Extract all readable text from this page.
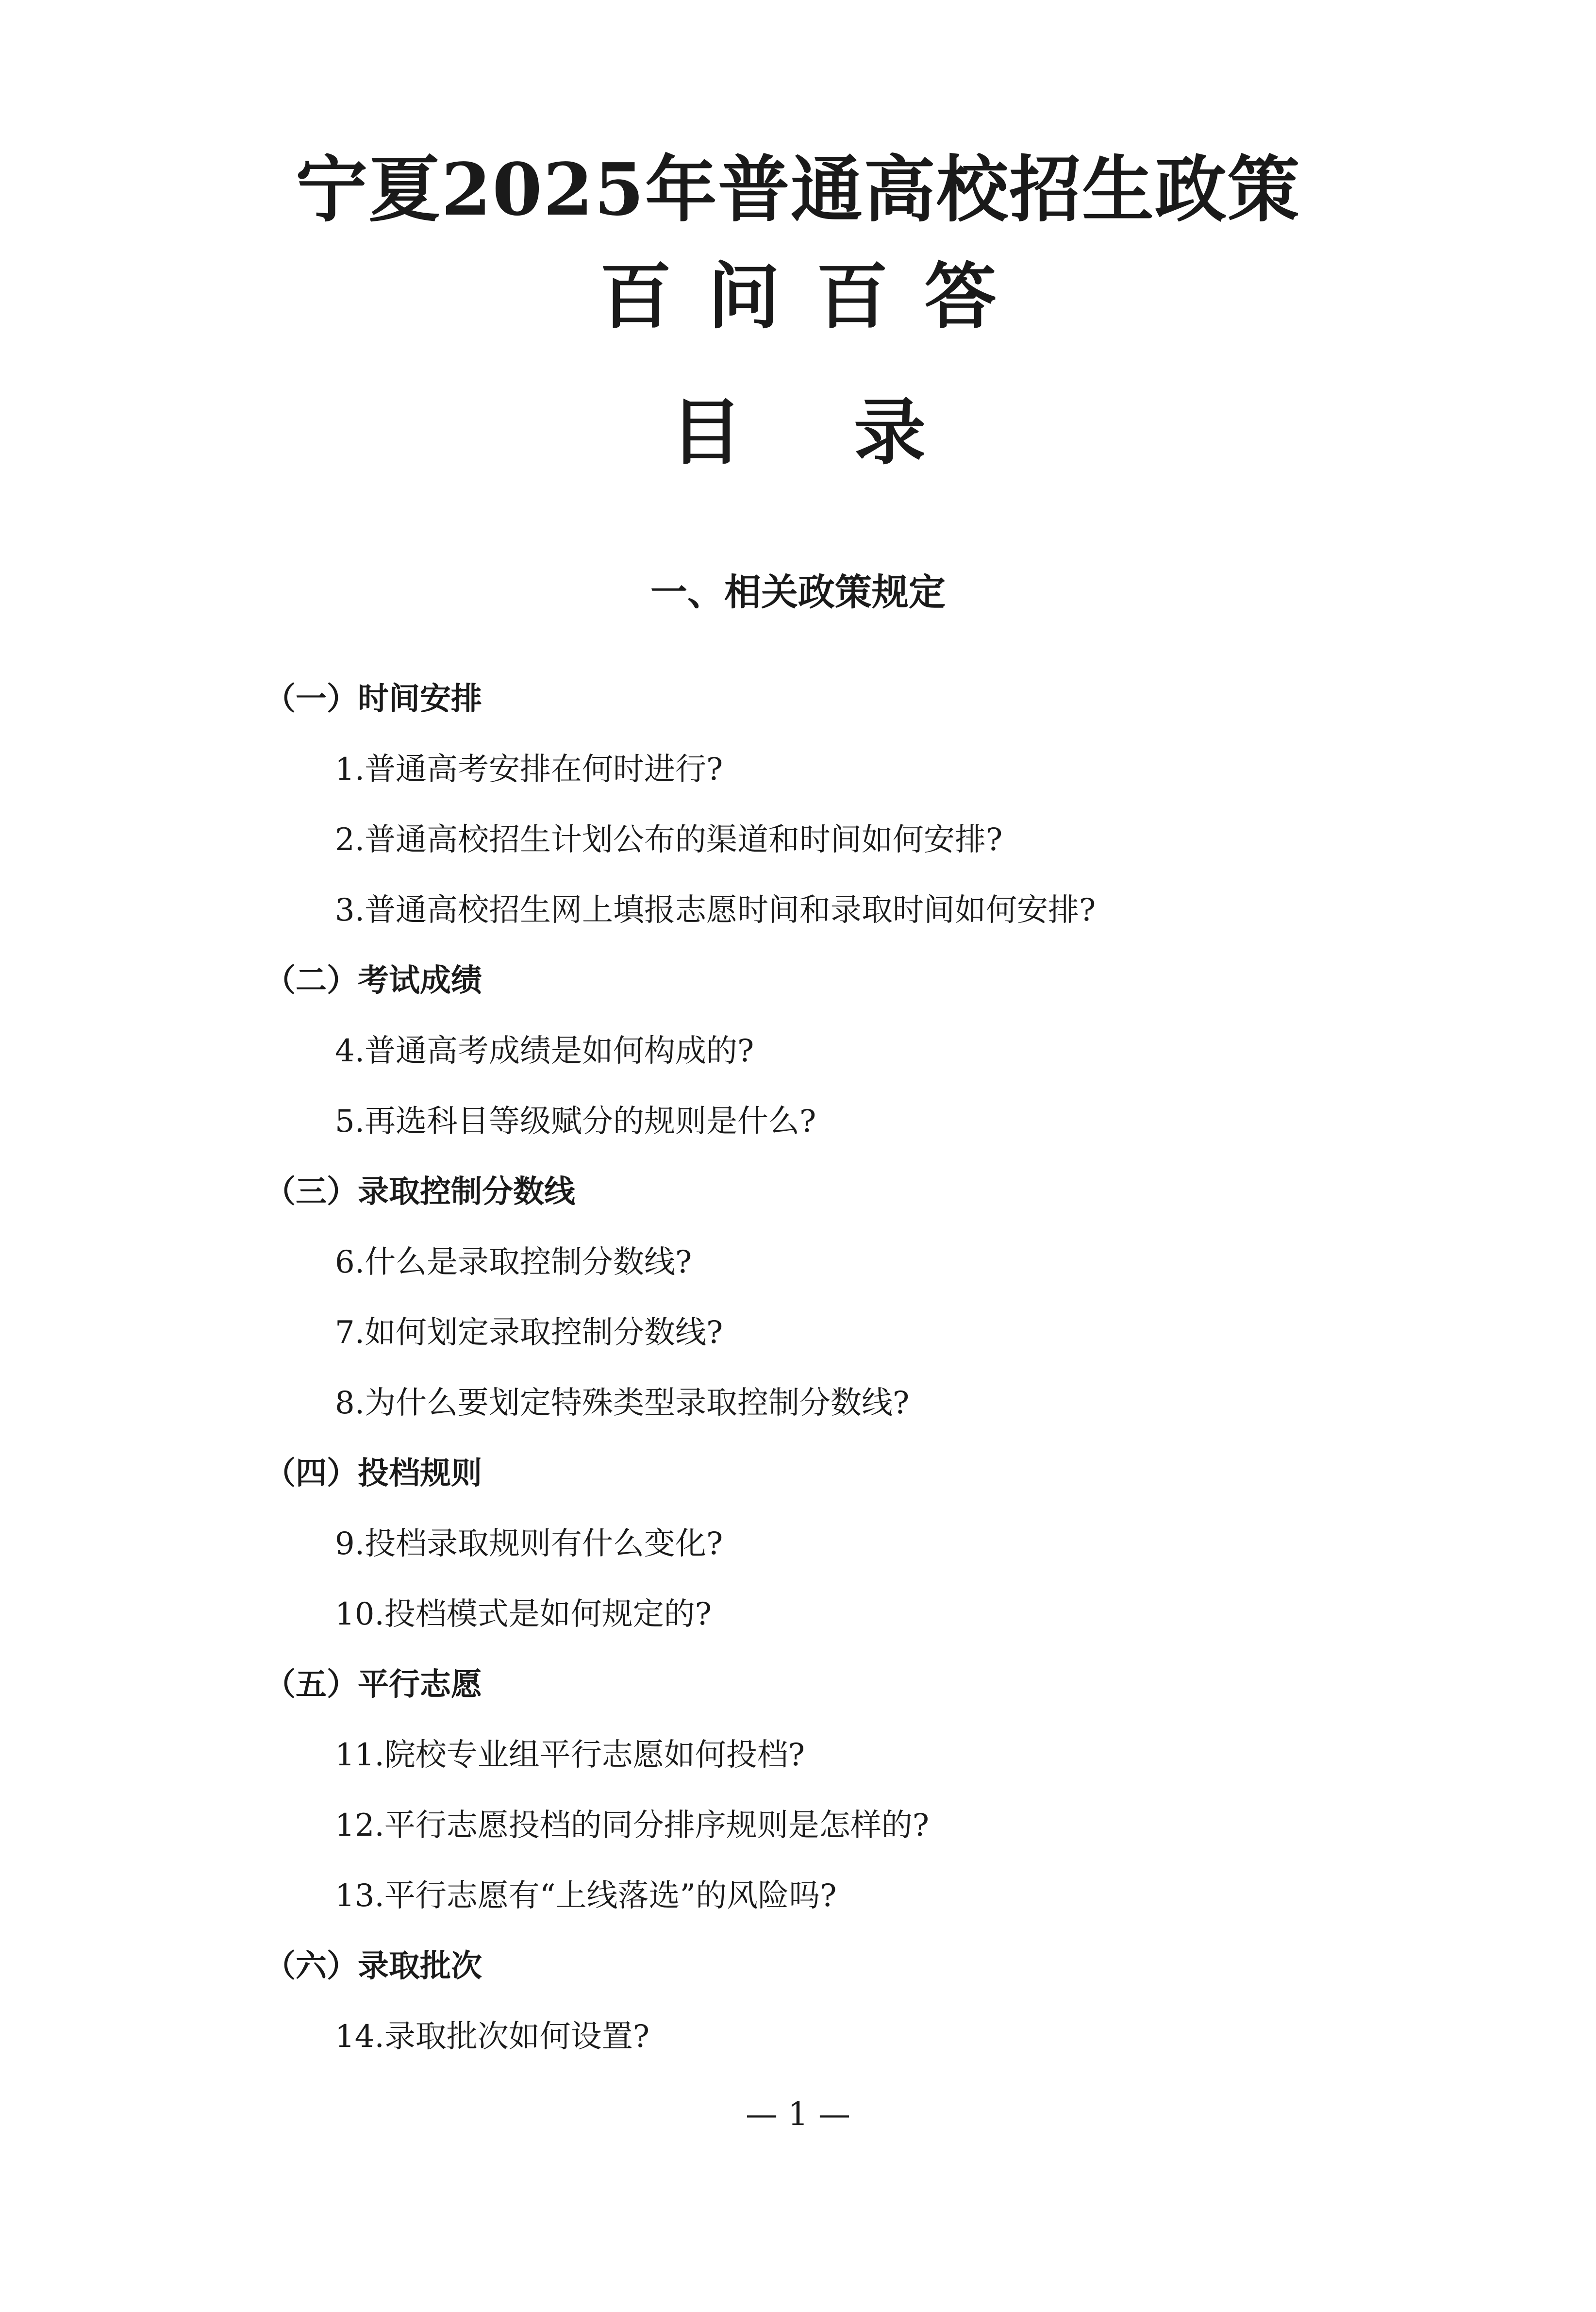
宁夏2025年普通高校招生政策
百问百答
目录
一、相关政策规定
（一）时间安排
1.普通高考安排在何时进行?
2.普通高校招生计划公布的渠道和时间如何安排?
3.普通高校招生网上填报志愿时间和录取时间如何安排?
（二）考试成绩
4.普通高考成绩是如何构成的?
5.再选科目等级赋分的规则是什么?
（三）录取控制分数线
6.什么是录取控制分数线?
7.如何划定录取控制分数线?
8.为什么要划定特殊类型录取控制分数线?
（四）投档规则
9.投档录取规则有什么变化?
10.投档模式是如何规定的?
（五）平行志愿
11.院校专业组平行志愿如何投档?
12.平行志愿投档的同分排序规则是怎样的?
13.平行志愿有“上线落选”的风险吗?
（六）录取批次
14.录取批次如何设置?
— 1 —
